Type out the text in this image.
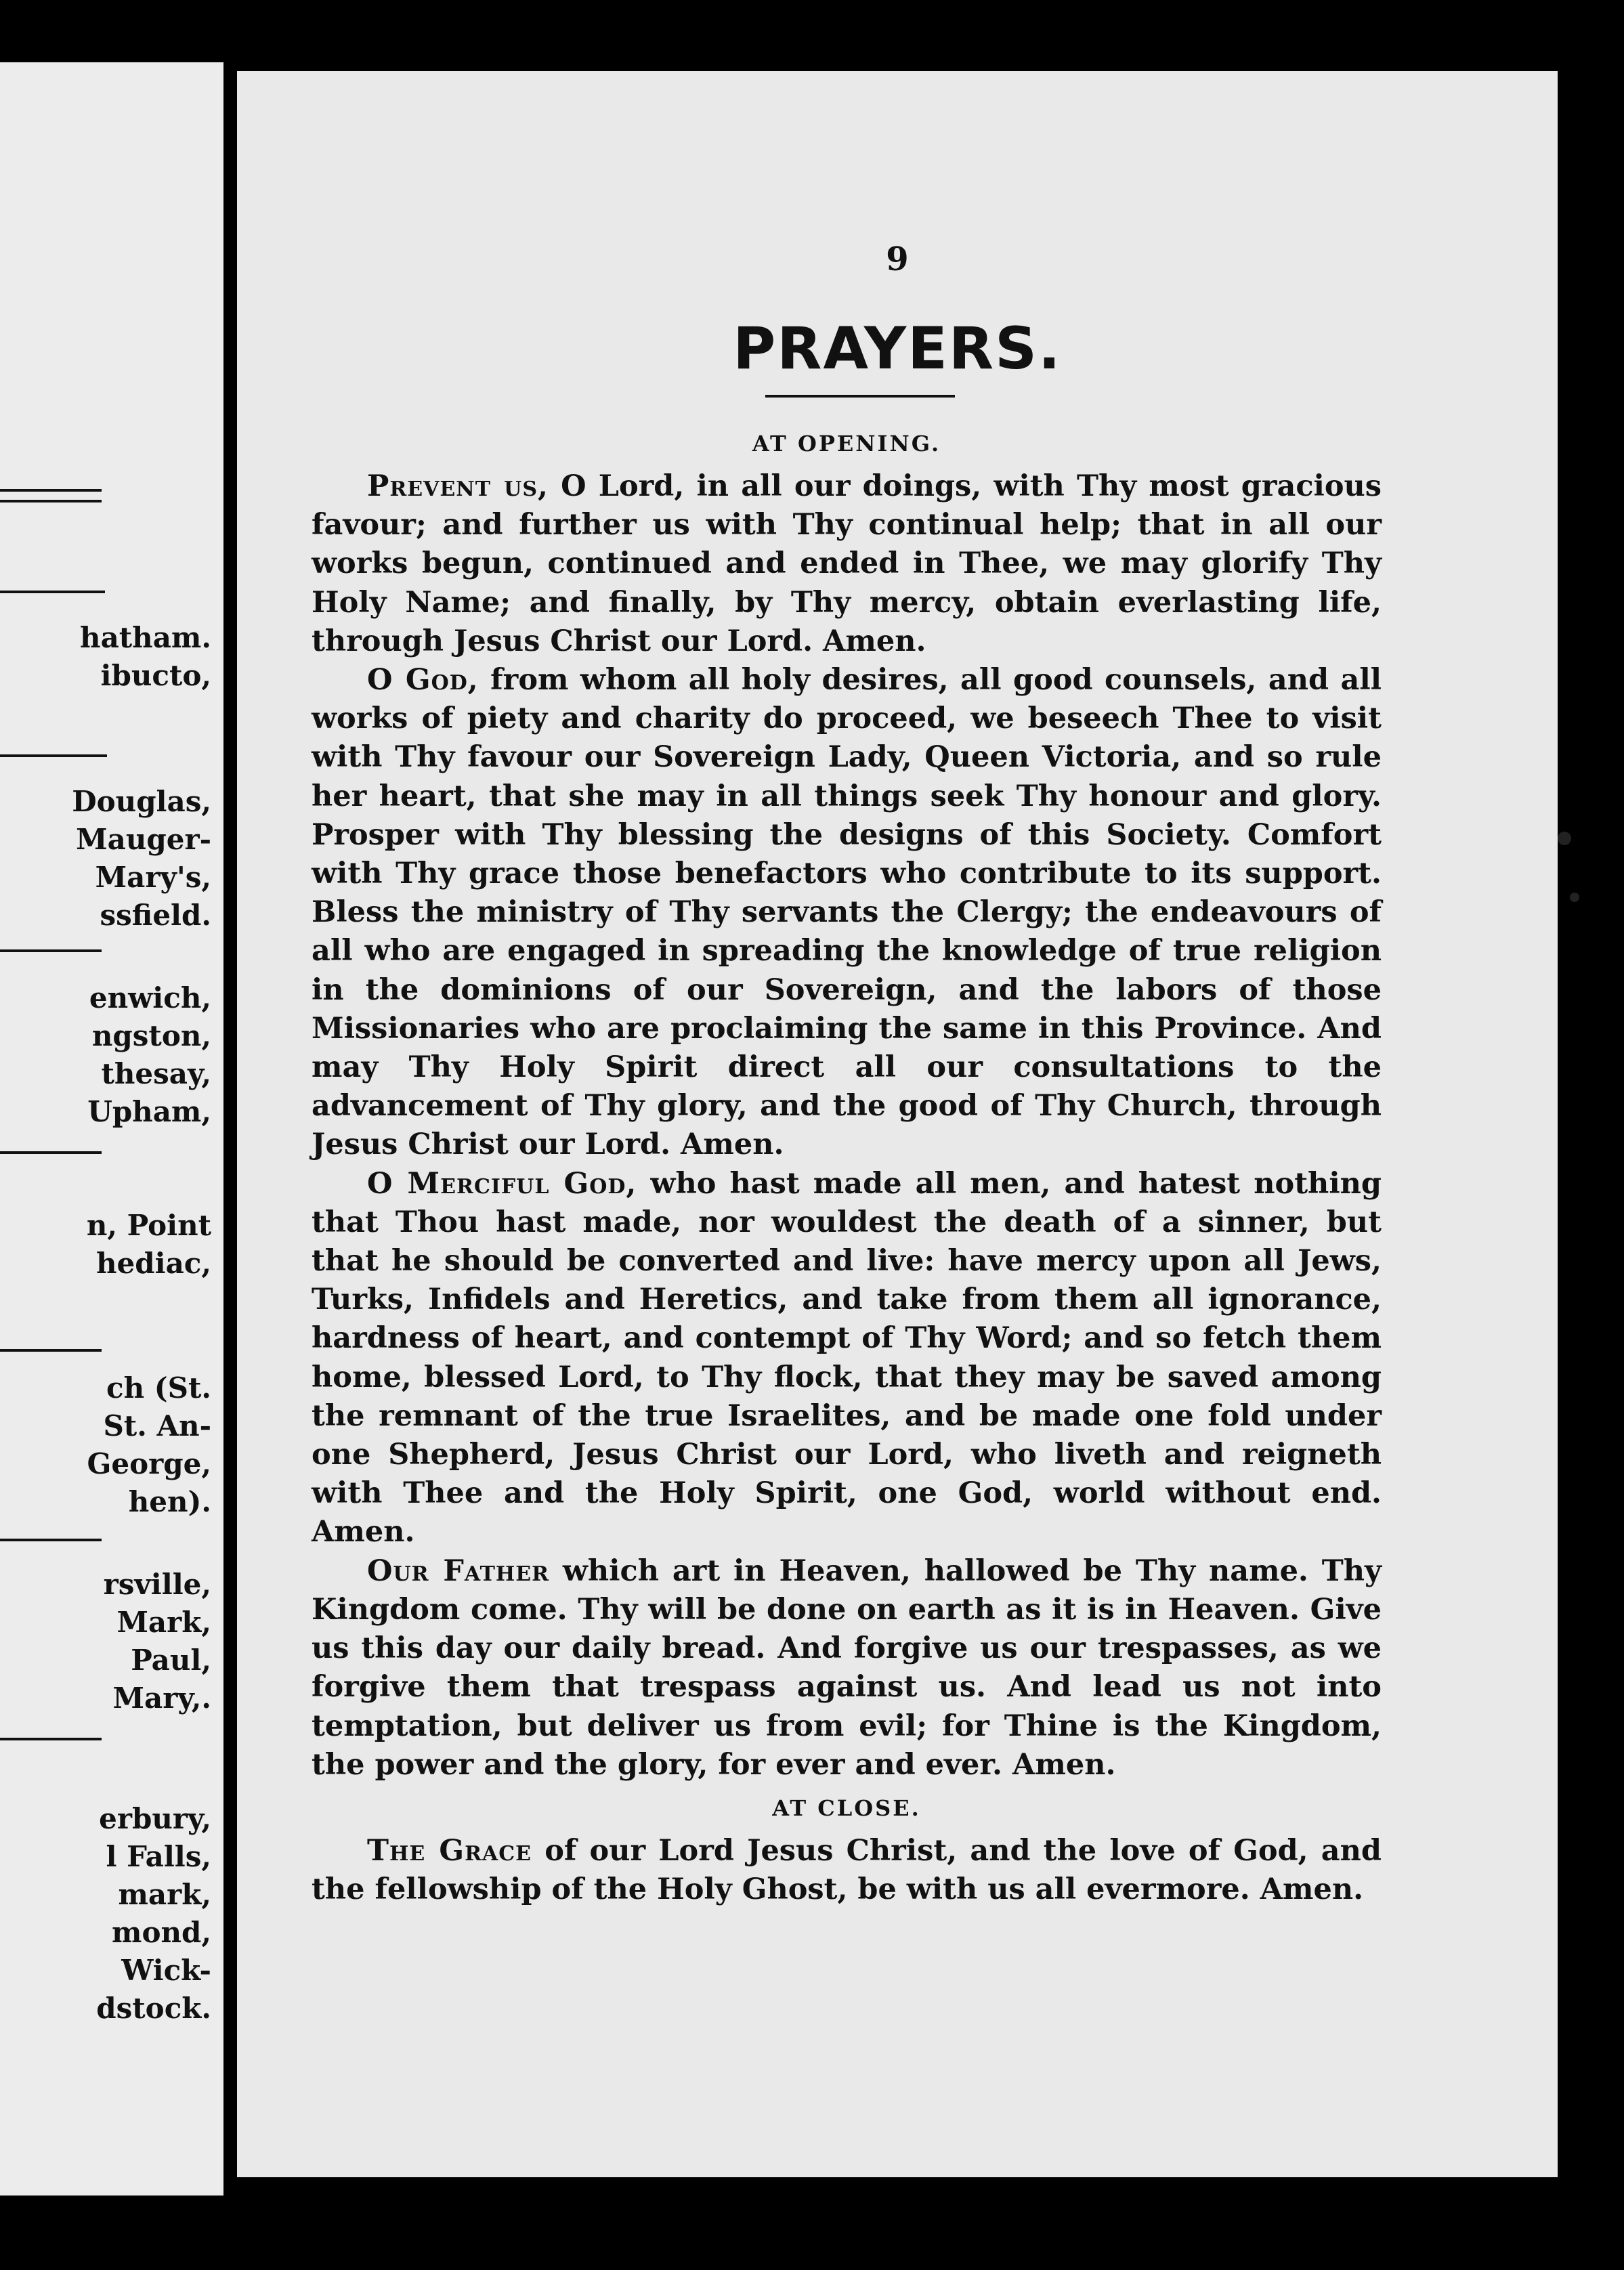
hatham.
ibucto,
Douglas,
Mauger-
Mary's,
ssfield.
enwich,
ngston,
thesay,
Upham,
n, Point
hediac,
ch (St.
St. An-
George,
hen).
rsville,
Mark,
Paul,
Mary,.
erbury,
l Falls,
mark,
mond,
Wick-
dstock.
9
PRAYERS.

AT OPENING.

Prevent us, O Lord, in all our doings, with Thy most gracious favour; and further us with Thy continual help; that in all our works begun, continued and ended in Thee, we may glorify Thy Holy Name; and finally, by Thy mercy, obtain everlasting life, through Jesus Christ our Lord. Amen.

O God, from whom all holy desires, all good counsels, and all works of piety and charity do proceed, we beseech Thee to visit with Thy favour our Sovereign Lady, Queen Victoria, and so rule her heart, that she may in all things seek Thy honour and glory. Prosper with Thy blessing the designs of this Society. Comfort with Thy grace those benefactors who contribute to its support. Bless the ministry of Thy servants the Clergy; the endeavours of all who are engaged in spreading the knowledge of true religion in the dominions of our Sovereign, and the labors of those Missionaries who are proclaiming the same in this Province. And may Thy Holy Spirit direct all our consultations to the advancement of Thy glory, and the good of Thy Church, through Jesus Christ our Lord. Amen.

O Merciful God, who hast made all men, and hatest nothing that Thou hast made, nor wouldest the death of a sinner, but that he should be converted and live: have mercy upon all Jews, Turks, Infidels and Heretics, and take from them all ignorance, hardness of heart, and contempt of Thy Word; and so fetch them home, blessed Lord, to Thy flock, that they may be saved among the remnant of the true Israelites, and be made one fold under one Shepherd, Jesus Christ our Lord, who liveth and reigneth with Thee and the Holy Spirit, one God, world without end. Amen.

Our Father which art in Heaven, hallowed be Thy name. Thy Kingdom come. Thy will be done on earth as it is in Heaven. Give us this day our daily bread. And forgive us our trespasses, as we forgive them that trespass against us. And lead us not into temptation, but deliver us from evil; for Thine is the Kingdom, the power and the glory, for ever and ever. Amen.

AT CLOSE.

The Grace of our Lord Jesus Christ, and the love of God, and the fellowship of the Holy Ghost, be with us all evermore. Amen.
